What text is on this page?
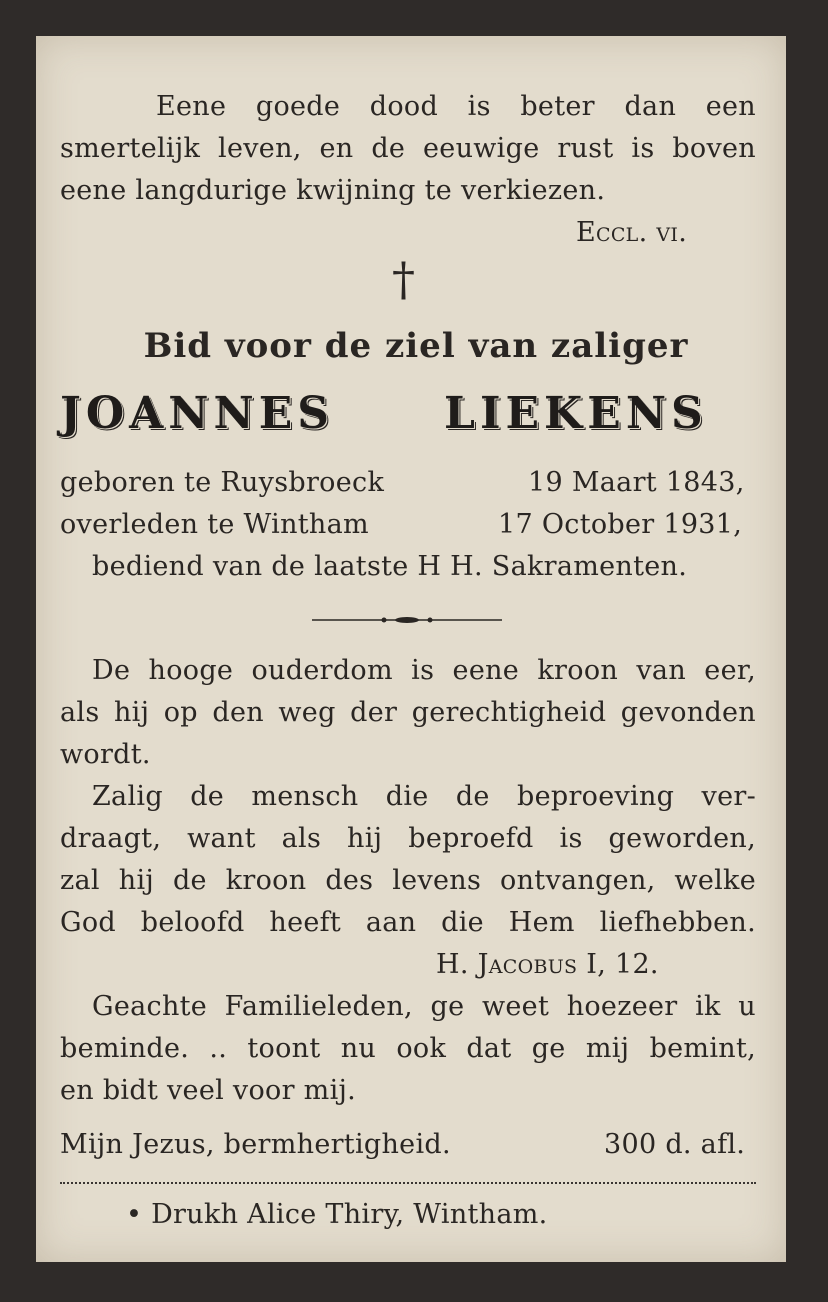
Eene goede dood is beter dan een
smertelijk leven, en de eeuwige rust is boven
eene langdurige kwijning te verkiezen.
Eccl. vi.
†
Bid voor de ziel van zaliger
JOANNES LIEKENS
geboren te Ruysbroeck	19 Maart 1843,
overleden te Wintham	17 October 1931,
bediend van de laatste H H. Sakramenten.
De hooge ouderdom is eene kroon van eer,
als hij op den weg der gerechtigheid gevonden
wordt.
Zalig de mensch die de beproeving ver-
draagt, want als hij beproefd is geworden,
zal hij de kroon des levens ontvangen, welke
God beloofd heeft aan die Hem liefhebben.
H. Jacobus I, 12.
Geachte Familieleden, ge weet hoezeer ik u
beminde. .. toont nu ook dat ge mij bemint,
en bidt veel voor mij.
Mijn Jezus, bermhertigheid.	300 d. afl.
• Drukh Alice Thiry, Wintham.
